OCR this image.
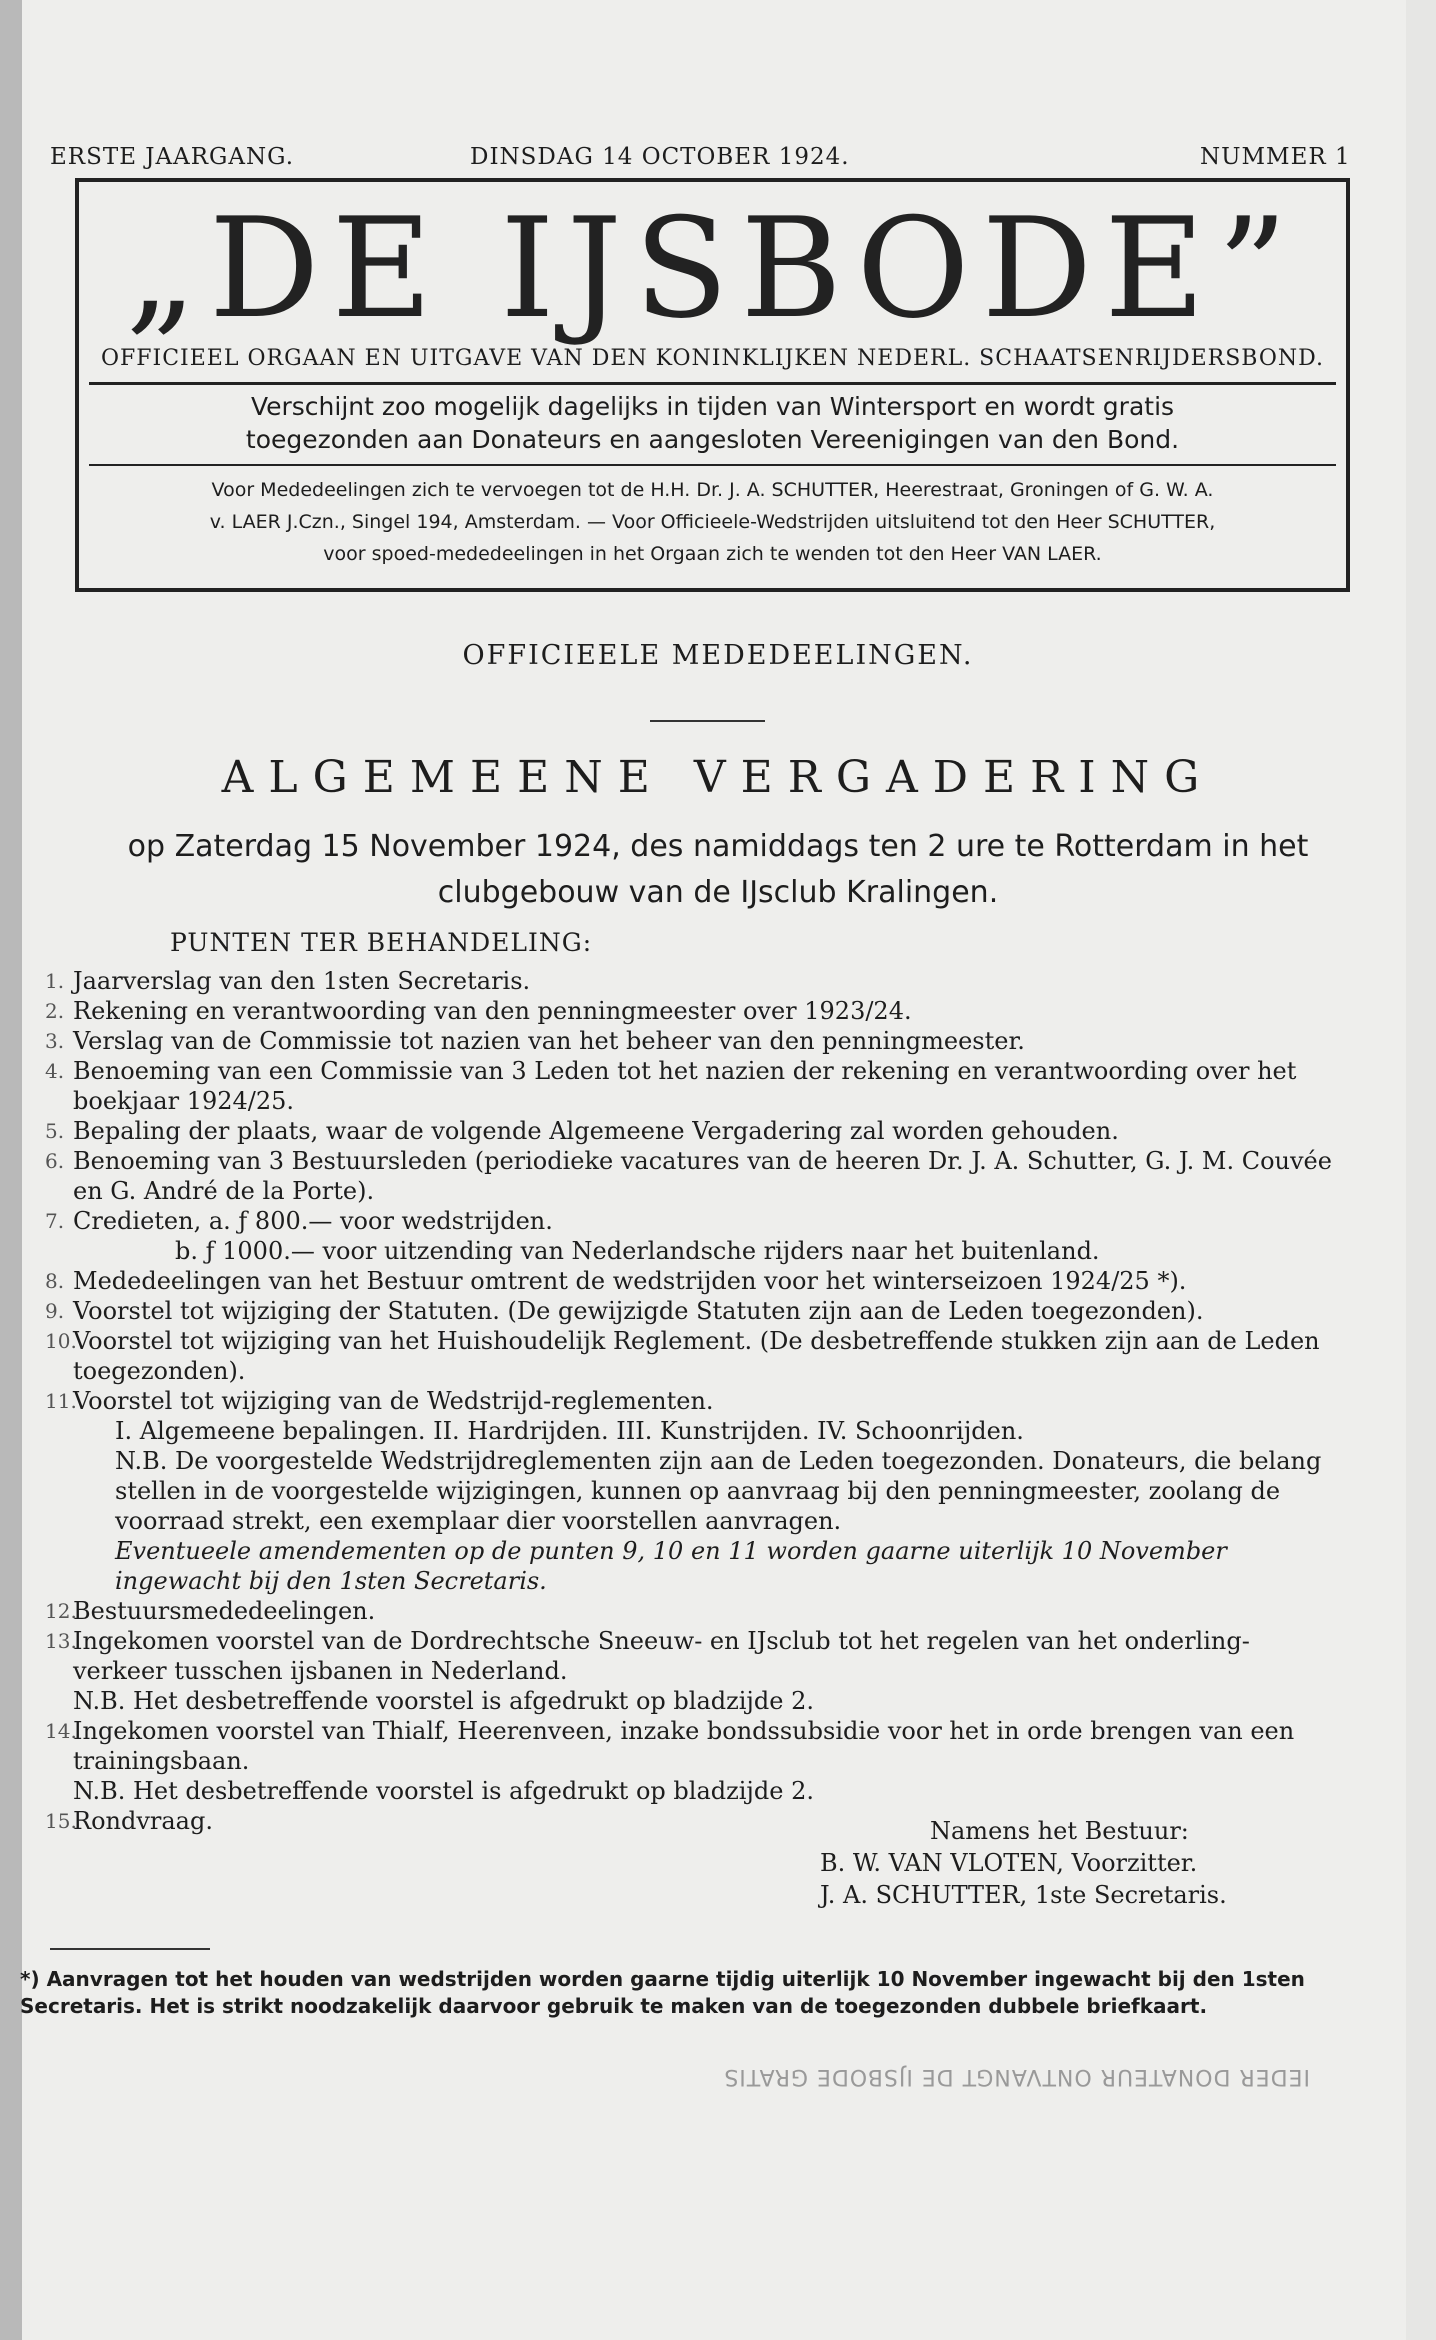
ERSTE JAARGANG.	DINSDAG 14 OCTOBER 1924.	NUMMER 1
„DE IJSBODE”
OFFICIEEL ORGAAN EN UITGAVE VAN DEN KONINKLIJKEN NEDERL. SCHAATSENRIJDERSBOND.
Verschijnt zoo mogelijk dagelijks in tijden van Wintersport en wordt gratis
toegezonden aan Donateurs en aangesloten Vereenigingen van den Bond.
Voor Mededeelingen zich te vervoegen tot de H.H. Dr. J. A. SCHUTTER, Heerestraat, Groningen of G. W. A.
v. LAER J.Czn., Singel 194, Amsterdam. — Voor Officieele-Wedstrijden uitsluitend tot den Heer SCHUTTER,
voor spoed-mededeelingen in het Orgaan zich te wenden tot den Heer VAN LAER.
OFFICIEELE MEDEDEELINGEN.
ALGEMEENE VERGADERING
op Zaterdag 15 November 1924, des namiddags ten 2 ure te Rotterdam in het clubgebouw van de IJsclub Kralingen.
PUNTEN TER BEHANDELING:
1. Jaarverslag van den 1sten Secretaris.
2. Rekening en verantwoording van den penningmeester over 1923/24.
3. Verslag van de Commissie tot nazien van het beheer van den penningmeester.
4. Benoeming van een Commissie van 3 Leden tot het nazien der rekening en verantwoording over het boekjaar 1924/25.
5. Bepaling der plaats, waar de volgende Algemeene Vergadering zal worden gehouden.
6. Benoeming van 3 Bestuursleden (periodieke vacatures van de heeren Dr. J. A. Schutter, G. J. M. Couvée en G. André de la Porte).
7. Credieten, a. ƒ 800.— voor wedstrijden.
b. ƒ 1000.— voor uitzending van Nederlandsche rijders naar het buitenland.
8. Mededeelingen van het Bestuur omtrent de wedstrijden voor het winterseizoen 1924/25 *).
9. Voorstel tot wijziging der Statuten. (De gewijzigde Statuten zijn aan de Leden toegezonden).
10.
Voorstel tot wijziging van het Huishoudelijk Reglement. (De desbetreffende stukken zijn aan de Leden toegezonden).
11.
Voorstel tot wijziging van de Wedstrijd-reglementen.
I. Algemeene bepalingen. II. Hardrijden. III. Kunstrijden. IV. Schoonrijden.
N.B. De voorgestelde Wedstrijdreglementen zijn aan de Leden toegezonden. Donateurs, die belang stellen in de voorgestelde wijzigingen, kunnen op aanvraag bij den penningmeester, zoolang de voorraad strekt, een exemplaar dier voorstellen aanvragen.
Eventueele amendementen op de punten 9, 10 en 11 worden gaarne uiterlijk 10 November ingewacht bij den 1sten Secretaris.
12.
Bestuursmededeelingen.
13.
Ingekomen voorstel van de Dordrechtsche Sneeuw- en IJsclub tot het regelen van het onderling-verkeer tusschen ijsbanen in Nederland.
N.B. Het desbetreffende voorstel is afgedrukt op bladzijde 2.
14.
Ingekomen voorstel van Thialf, Heerenveen, inzake bondssubsidie voor het in orde brengen van een trainingsbaan.
N.B. Het desbetreffende voorstel is afgedrukt op bladzijde 2.
15.
Rondvraag.	Namens het Bestuur:
B. W. VAN VLOTEN, Voorzitter.
J. A. SCHUTTER, 1ste Secretaris.
*) Aanvragen tot het houden van wedstrijden worden gaarne tijdig uiterlijk 10 November ingewacht bij den 1sten Secretaris. Het is strikt noodzakelijk daarvoor gebruik te maken van de toegezonden dubbele briefkaart.
IEDER DONATEUR ONTVANGT DE IJSBODE GRATIS
